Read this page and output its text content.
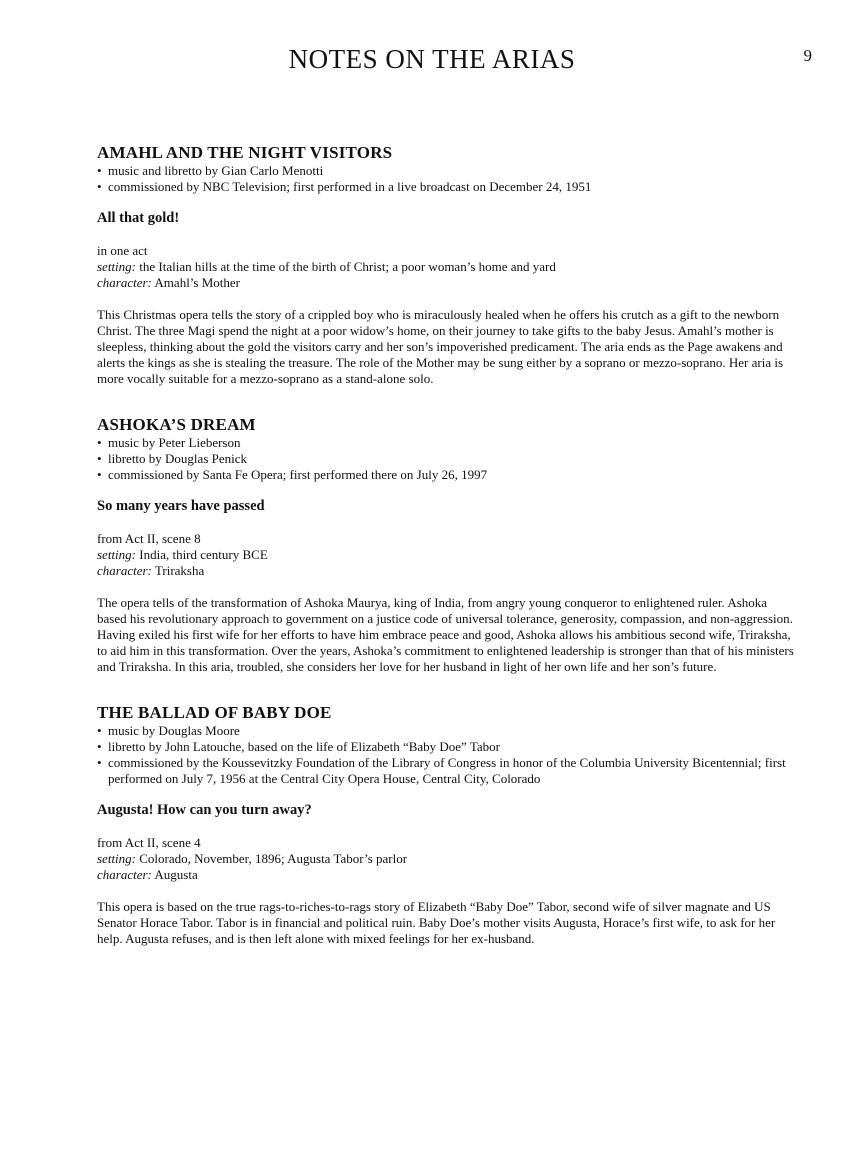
9
NOTES ON THE ARIAS
AMAHL AND THE NIGHT VISITORS
• music and libretto by Gian Carlo Menotti
• commissioned by NBC Television; first performed in a live broadcast on December 24, 1951
All that gold!

in one act

setting: the Italian hills at the time of the birth of Christ; a poor woman’s home and yard

character: Amahl’s Mother

This Christmas opera tells the story of a crippled boy who is miraculously healed when he offers his crutch as a gift to the newborn Christ. The three Magi spend the night at a poor widow’s home, on their journey to take gifts to the baby Jesus. Amahl’s mother is sleepless, thinking about the gold the visitors carry and her son’s impoverished predicament. The aria ends as the Page awakens and alerts the kings as she is stealing the treasure. The role of the Mother may be sung either by a soprano or mezzo-soprano. Her aria is more vocally suitable for a mezzo-soprano as a stand-alone solo.

ASHOKA’S DREAM
• music by Peter Lieberson
• libretto by Douglas Penick
• commissioned by Santa Fe Opera; first performed there on July 26, 1997
So many years have passed

from Act II, scene 8

setting: India, third century BCE

character: Triraksha

The opera tells of the transformation of Ashoka Maurya, king of India, from angry young conqueror to enlightened ruler. Ashoka based his revolutionary approach to government on a justice code of universal tolerance, generosity, compassion, and non-aggression. Having exiled his first wife for her efforts to have him embrace peace and good, Ashoka allows his ambitious second wife, Triraksha, to aid him in this transformation. Over the years, Ashoka’s commitment to enlightened leadership is stronger than that of his ministers and Triraksha. In this aria, troubled, she considers her love for her husband in light of her own life and her son’s future.

THE BALLAD OF BABY DOE
• music by Douglas Moore
• libretto by John Latouche, based on the life of Elizabeth “Baby Doe” Tabor
• commissioned by the Koussevitzky Foundation of the Library of Congress in honor of the Columbia University Bicentennial; first performed on July 7, 1956 at the Central City Opera House, Central City, Colorado
Augusta! How can you turn away?

from Act II, scene 4

setting: Colorado, November, 1896; Augusta Tabor’s parlor

character: Augusta

This opera is based on the true rags-to-riches-to-rags story of Elizabeth “Baby Doe” Tabor, second wife of silver magnate and US Senator Horace Tabor. Tabor is in financial and political ruin. Baby Doe’s mother visits Augusta, Horace’s first wife, to ask for her help. Augusta refuses, and is then left alone with mixed feelings for her ex-husband.
